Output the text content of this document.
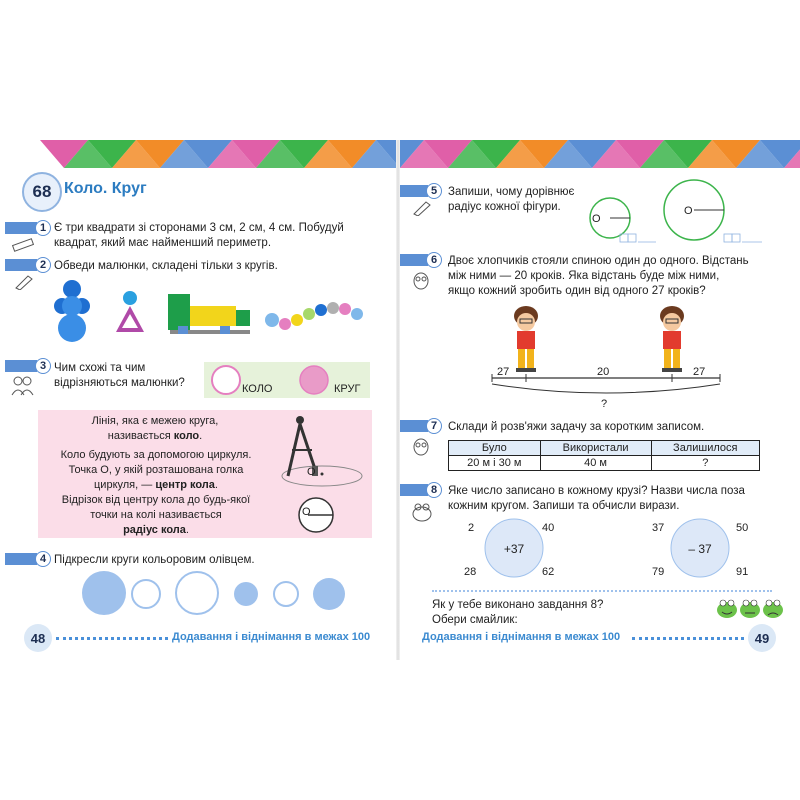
68 Коло. Круг
1 Є три квадрати зі сторонами 3 см, 2 см, 4 см. Побудуй
квадрат, який має найменший периметр.
2 Обведи малюнки, складені тільки з кругів.
3 Чим схожі та чим
відрізняються малюнки?	КОЛО	КРУГ
Лінія, яка є межею круга,
називається коло.
Коло будують за допомогою циркуля.
Точка О, у якій розташована голка
циркуля, — центр кола.
Відрізок від центру кола до будь-якої
точки на колі називається
радіус кола.
О
О
4 Підкресли круги кольоровим олівцем.
5 Запиши, чому дорівнює
радіус кожної фігури.
О
О
6 Двоє хлопчиків стояли спиною один до одного. Відстань
між ними — 20 кроків. Яка відстань буде між ними,
якщо кожний зробить один від одного 27 кроків?
27	20	27
?
7 Склади й розв'яжи задачу за коротким записом.
Було	Використали	Залишилося
20 м і 30 м	40 м	?
8 Яке число записано в кожному крузі? Назви числа поза
кожним кругом. Запиши та обчисли вирази.
+37
2	40
28	62
– 37
37	50
79	91
Як у тебе виконано завдання 8?
Обери смайлик:
48	Додавання і віднімання в межах 100	Додавання і віднімання в межах 100	49
